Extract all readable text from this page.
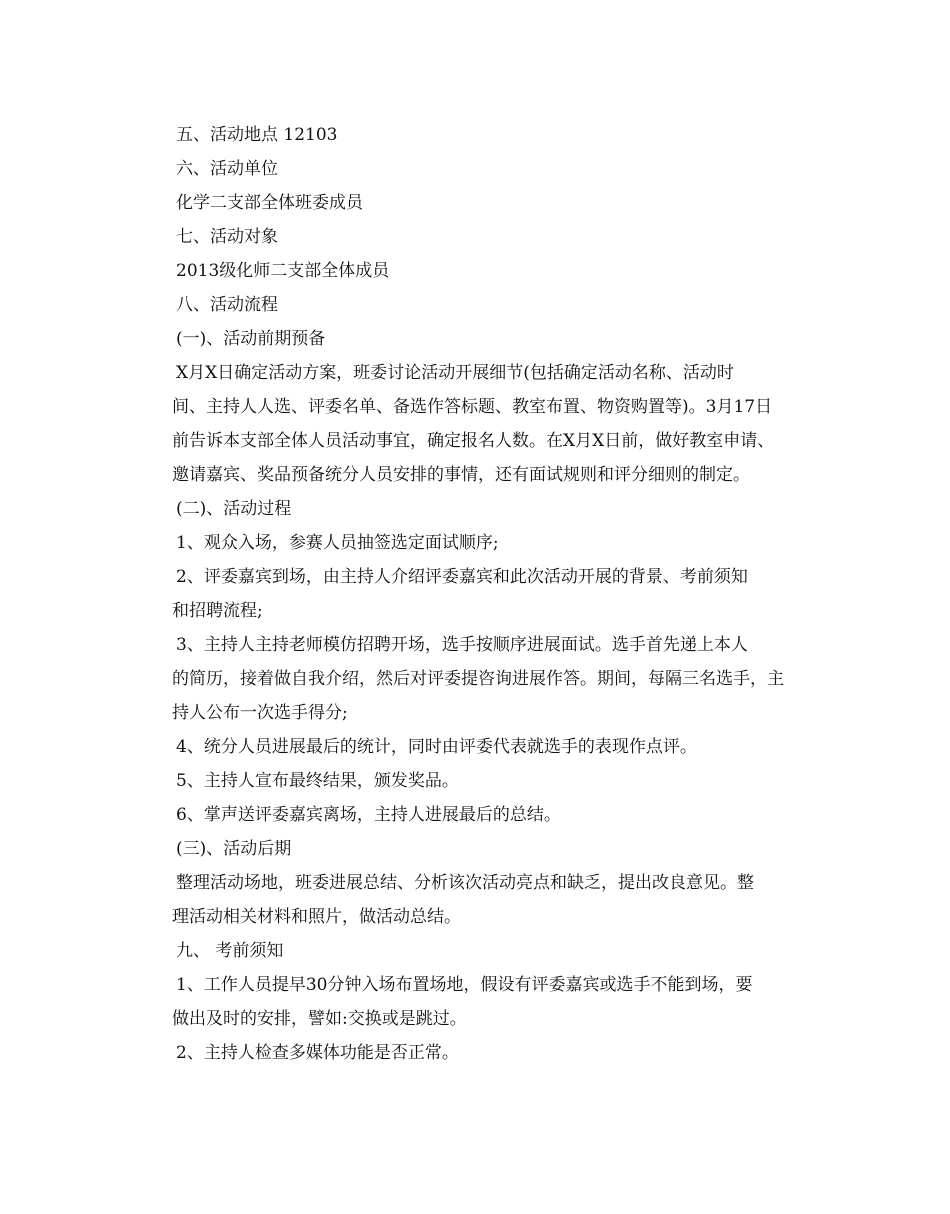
五、活动地点 12103
六、活动单位
化学二支部全体班委成员
七、活动对象
2013级化师二支部全体成员
八、活动流程
(一)、活动前期预备
X月X日确定活动方案，班委讨论活动开展细节(包括确定活动名称、活动时
间、主持人人选、评委名单、备选作答标题、教室布置、物资购置等)。3月17日
前告诉本支部全体人员活动事宜，确定报名人数。在X月X日前，做好教室申请、
邀请嘉宾、奖品预备统分人员安排的事情，还有面试规则和评分细则的制定。
(二)、活动过程
1、观众入场，参赛人员抽签选定面试顺序;
2、评委嘉宾到场，由主持人介绍评委嘉宾和此次活动开展的背景、考前须知
和招聘流程;
3、主持人主持老师模仿招聘开场，选手按顺序进展面试。选手首先递上本人
的简历，接着做自我介绍，然后对评委提咨询进展作答。期间，每隔三名选手，主
持人公布一次选手得分;
4、统分人员进展最后的统计，同时由评委代表就选手的表现作点评。
5、主持人宣布最终结果，颁发奖品。
6、掌声送评委嘉宾离场，主持人进展最后的总结。
(三)、活动后期
整理活动场地，班委进展总结、分析该次活动亮点和缺乏，提出改良意见。整
理活动相关材料和照片，做活动总结。
九、 考前须知
1、工作人员提早30分钟入场布置场地，假设有评委嘉宾或选手不能到场，要
做出及时的安排，譬如:交换或是跳过。
2、主持人检查多媒体功能是否正常。
